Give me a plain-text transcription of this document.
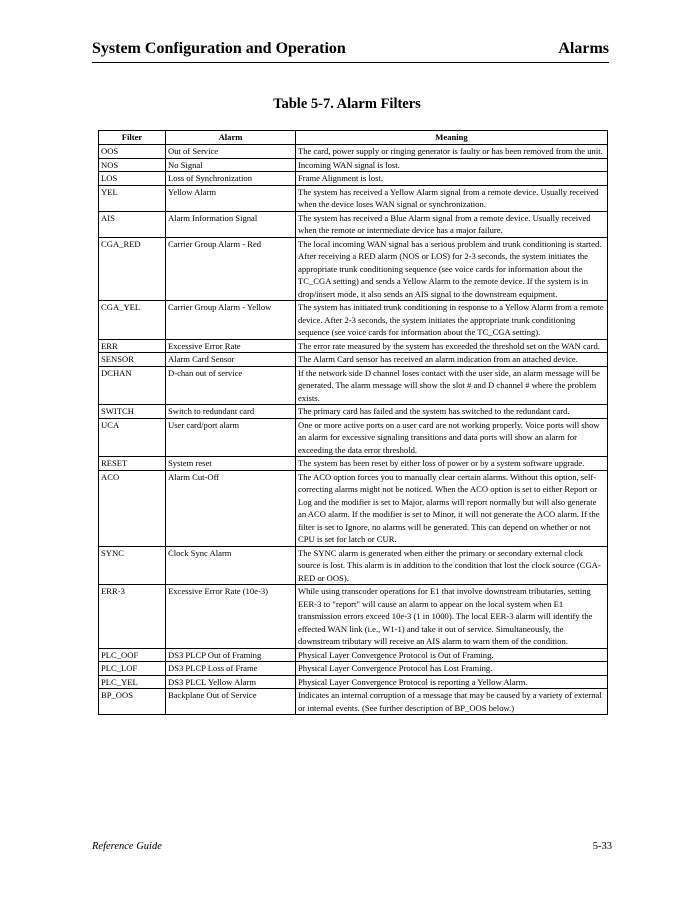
System Configuration and Operation	Alarms
Table 5-7. Alarm Filters
Filter	Alarm	Meaning
OOS	Out of Service	The card, power supply or ringing generator is faulty or has been removed from the unit.
NOS	No Signal	Incoming WAN signal is lost.
LOS	Loss of Synchronization	Frame Alignment is lost.
YEL	Yellow Alarm	The system has received a Yellow Alarm signal from a remote device. Usually received when the device loses WAN signal or synchronization.
AIS	Alarm Information Signal	The system has received a Blue Alarm signal from a remote device. Usually received when the remote or intermediate device has a major failure.
CGA_RED	Carrier Group Alarm - Red	The local incoming WAN signal has a serious problem and trunk conditioning is started. After receiving a RED alarm (NOS or LOS) for 2-3 seconds, the system initiates the appropriate trunk conditioning sequence (see voice cards for information about the TC_CGA setting) and sends a Yellow Alarm to the remote device. If the system is in drop/insert mode, it also sends an AIS signal to the downstream equipment.
CGA_YEL	Carrier Group Alarm - Yellow	The system has initiated trunk conditioning in response to a Yellow Alarm from a remote device. After 2-3 seconds, the system initiates the appropriate trunk conditioning sequence (see voice cards for information about the TC_CGA setting).
ERR	Excessive Error Rate	The error rate measured by the system has exceeded the threshold set on the WAN card.
SENSOR	Alarm Card Sensor	The Alarm Card sensor has received an alarm indication from an attached device.
DCHAN	D-chan out of service	If the network side D channel loses contact with the user side, an alarm message will be generated. The alarm message will show the slot # and D channel # where the problem exists.
SWITCH	Switch to redundant card	The primary card has failed and the system has switched to the redundant card.
UCA	User card/port alarm	One or more active ports on a user card are not working properly. Voice ports will show an alarm for excessive signaling transitions and data ports will show an alarm for exceeding the data error threshold.
RESET	System reset	The system has been reset by either loss of power or by a system software upgrade.
ACO	Alarm Cut-Off	The ACO option forces you to manually clear certain alarms. Without this option, self-correcting alarms might not be noticed. When the ACO option is set to either Report or Log and the modifier is set to Major, alarms will report normally but will also generate an ACO alarm. If the modifier is set to Minor, it will not generate the ACO alarm. If the filter is set to Ignore, no alarms will be generated. This can depend on whether or not CPU is set for latch or CUR.
SYNC	Clock Sync Alarm	The SYNC alarm is generated when either the primary or secondary external clock source is lost. This alarm is in addition to the condition that lost the clock source (CGA-RED or OOS).
ERR-3	Excessive Error Rate (10e-3)	While using transcoder operations for E1 that involve downstream tributaries, setting EER-3 to "report" will cause an alarm to appear on the local system when E1 transmission errors exceed 10e-3 (1 in 1000). The local EER-3 alarm will identify the effected WAN link (i.e., W1-1) and take it out of service. Simultaneously, the downstream tributary will receive an AIS alarm to warn them of the condition.
PLC_OOF	DS3 PLCP Out of Framing	Physical Layer Convergence Protocol is Out of Framing.
PLC_LOF	DS3 PLCP Loss of Frame	Physical Layer Convergence Protocol has Lost Framing.
PLC_YEL	DS3 PLCL Yellow Alarm	Physical Layer Convergence Protocol is reporting a Yellow Alarm.
BP_OOS	Backplane Out of Service	Indicates an internal corruption of a message that may be caused by a variety of external or internal events. (See further description of BP_OOS below.)
Reference Guide	5-33
